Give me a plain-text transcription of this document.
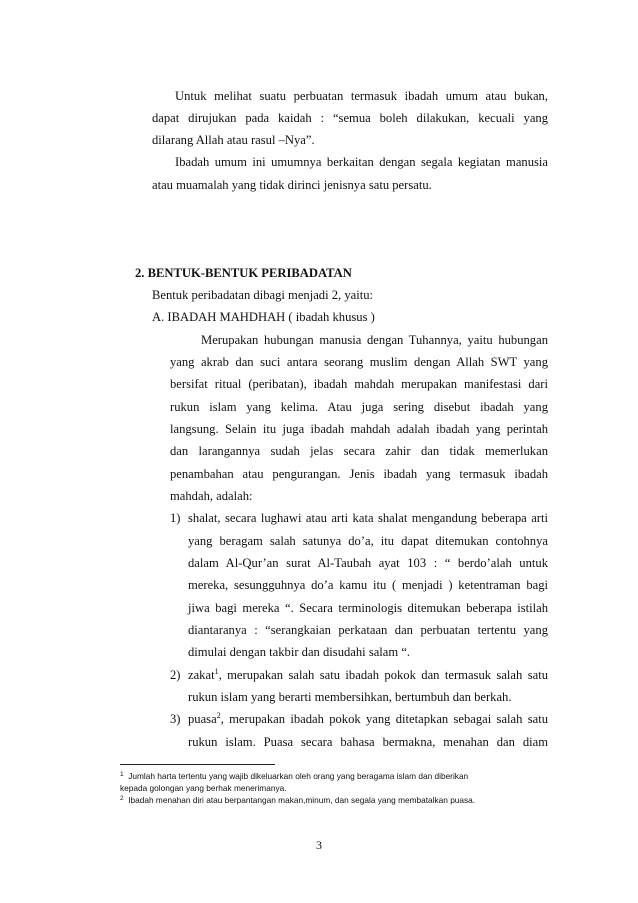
Untuk melihat suatu perbuatan termasuk ibadah umum atau bukan,
dapat dirujukan pada kaidah : “semua boleh dilakukan, kecuali yang
dilarang Allah atau rasul –Nya”.
Ibadah umum ini umumnya berkaitan dengan segala kegiatan manusia
atau muamalah yang tidak dirinci jenisnya satu persatu.
2. BENTUK-BENTUK PERIBADATAN
Bentuk peribadatan dibagi menjadi 2, yaitu:
A. IBADAH MAHDHAH ( ibadah khusus )
Merupakan hubungan manusia dengan Tuhannya, yaitu hubungan
yang akrab dan suci antara seorang muslim dengan Allah SWT yang
bersifat ritual (peribatan), ibadah mahdah merupakan manifestasi dari
rukun islam yang kelima. Atau juga sering disebut ibadah yang
langsung. Selain itu juga ibadah mahdah adalah ibadah yang perintah
dan larangannya sudah jelas secara zahir dan tidak memerlukan
penambahan atau pengurangan. Jenis ibadah yang termasuk ibadah
mahdah, adalah:
1) shalat, secara lughawi atau arti kata shalat mengandung beberapa arti
yang beragam salah satunya do’a, itu dapat ditemukan contohnya
dalam Al-Qur’an surat Al-Taubah ayat 103 : “ berdo’alah untuk
mereka, sesungguhnya do’a kamu itu ( menjadi ) ketentraman bagi
jiwa bagi mereka “. Secara terminologis ditemukan beberapa istilah
diantaranya : “serangkaian perkataan dan perbuatan tertentu yang
dimulai dengan takbir dan disudahi salam “.
2) zakat$^1$, merupakan salah satu ibadah pokok dan termasuk salah satu
rukun islam yang berarti membersihkan, bertumbuh dan berkah.
3) puasa$^2$, merupakan ibadah pokok yang ditetapkan sebagai salah satu
rukun islam. Puasa secara bahasa bermakna, menahan dan diam
$^1$ Jumlah harta tertentu yang wajib dikeluarkan oleh orang yang beragama islam dan diberikan
kepada golongan yang berhak menerimanya.
$^2$ Ibadah menahan diri atau berpantangan makan,minum, dan segala yang membatalkan puasa.
3
